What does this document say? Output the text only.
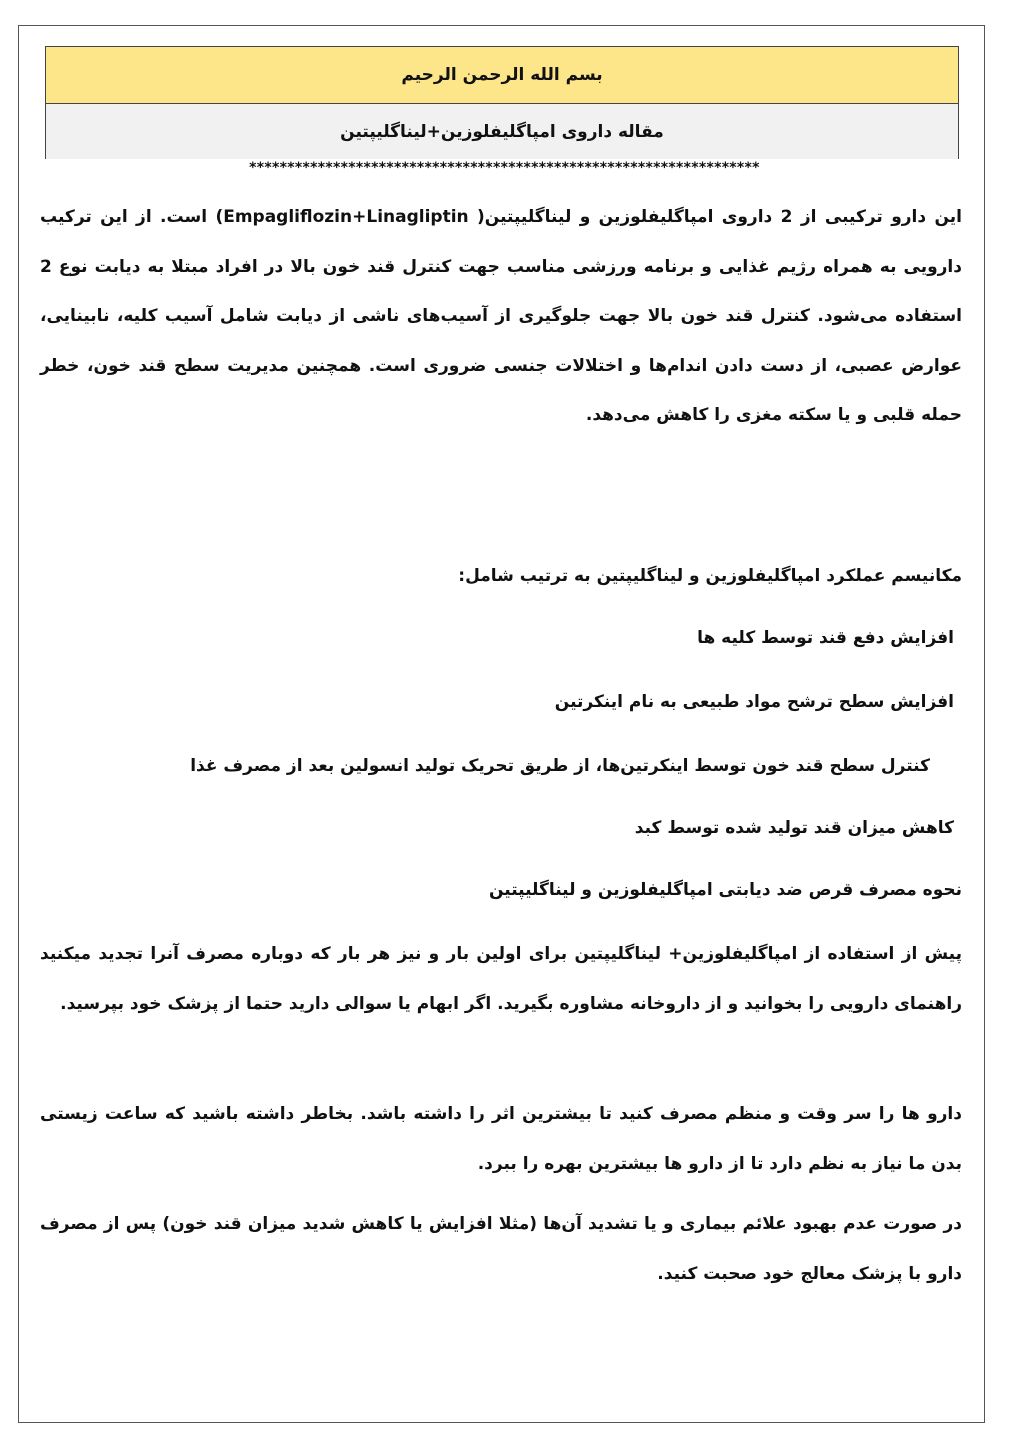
بسم الله الرحمن الرحیم
مقاله داروی امپاگلیفلوزین+لیناگلیپتین
*******************************************************************
این دارو ترکیبی از 2 داروی امپاگلیفلوزین و لیناگلیپتین( Empagliflozin+Linagliptin) است. از این ترکیب دارویی به همراه رژیم غذایی و برنامه ورزشی مناسب جهت کنترل قند خون بالا در افراد مبتلا به دیابت نوع 2 استفاده می‌شود. کنترل قند خون بالا جهت جلوگیری از آسیب‌های ناشی از دیابت شامل آسیب کلیه، نابینایی، عوارض عصبی، از دست دادن اندام‌ها و اختلالات جنسی ضروری است. همچنین مدیریت سطح قند خون، خطر حمله قلبی و یا سکته مغزی را کاهش می‌دهد.
مکانیسم عملکرد امپاگلیفلوزین و لیناگلیپتین به ترتیب شامل:
افزایش دفع قند توسط کلیه ها
افزایش سطح ترشح مواد طبیعی به نام اینکرتین
کنترل سطح قند خون توسط اینکرتین‌ها، از طریق تحریک تولید انسولین بعد از مصرف غذا
کاهش میزان قند تولید شده توسط کبد
نحوه مصرف قرص ضد دیابتی امپاگلیفلوزین و لیناگلیپتین
پیش از استفاده از امپاگلیفلوزین+ لیناگلیپتین برای اولین بار و نیز هر بار که دوباره مصرف آنرا تجدید میکنید راهنمای دارویی را بخوانید و از داروخانه مشاوره بگیرید. اگر ابهام یا سوالی دارید حتما از پزشک خود بپرسید.
دارو ها را سر وقت و منظم مصرف کنید تا بیشترین اثر را داشته باشد. بخاطر داشته باشید که ساعت زیستی بدن ما نیاز به نظم دارد تا از دارو ها بیشترین بهره را ببرد.
در صورت عدم بهبود علائم بیماری و یا تشدید آن‌ها (مثلا افزایش یا کاهش شدید میزان قند خون) پس از مصرف دارو با پزشک معالج خود صحبت کنید.
